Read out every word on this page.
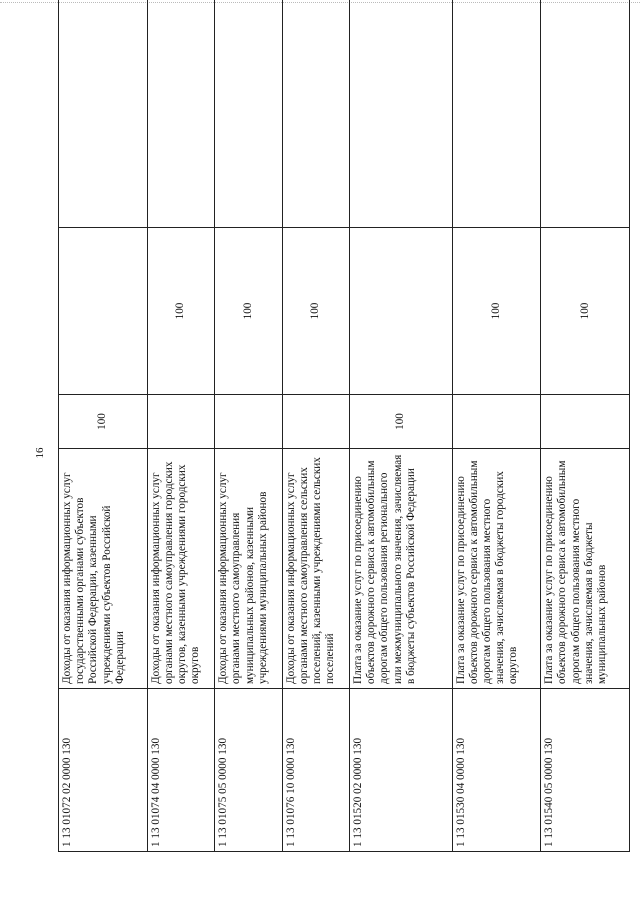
16
1 13 01072 02 0000 130	Доходы от оказания информационных услуг государственными органами субъектов Российской Федерации, казенными учреждениями субъектов Российской Федерации	100		
1 13 01074 04 0000 130	Доходы от оказания информационных услуг органами местного самоуправления городских округов, казенными учреждениями городских округов		100	
1 13 01075 05 0000 130	Доходы от оказания информационных услуг органами местного самоуправления муниципальных районов, казенными учреждениями муниципальных районов		100	
1 13 01076 10 0000 130	Доходы от оказания информационных услуг органами местного самоуправления сельских поселений, казенными учреждениями сельских поселений		100	
1 13 01520 02 0000 130	Плата за оказание услуг по присоединению объектов дорожного сервиса к автомобильным дорогам общего пользования регионального или межмуниципального значения, зачисляемая в бюджеты субъектов Российской Федерации	100		
1 13 01530 04 0000 130	Плата за оказание услуг по присоединению объектов дорожного сервиса к автомобильным дорогам общего пользования местного значения, зачисляемая в бюджеты городских округов		100	
1 13 01540 05 0000 130	Плата за оказание услуг по присоединению объектов дорожного сервиса к автомобильным дорогам общего пользования местного значения, зачисляемая в бюджеты муниципальных районов		100	
